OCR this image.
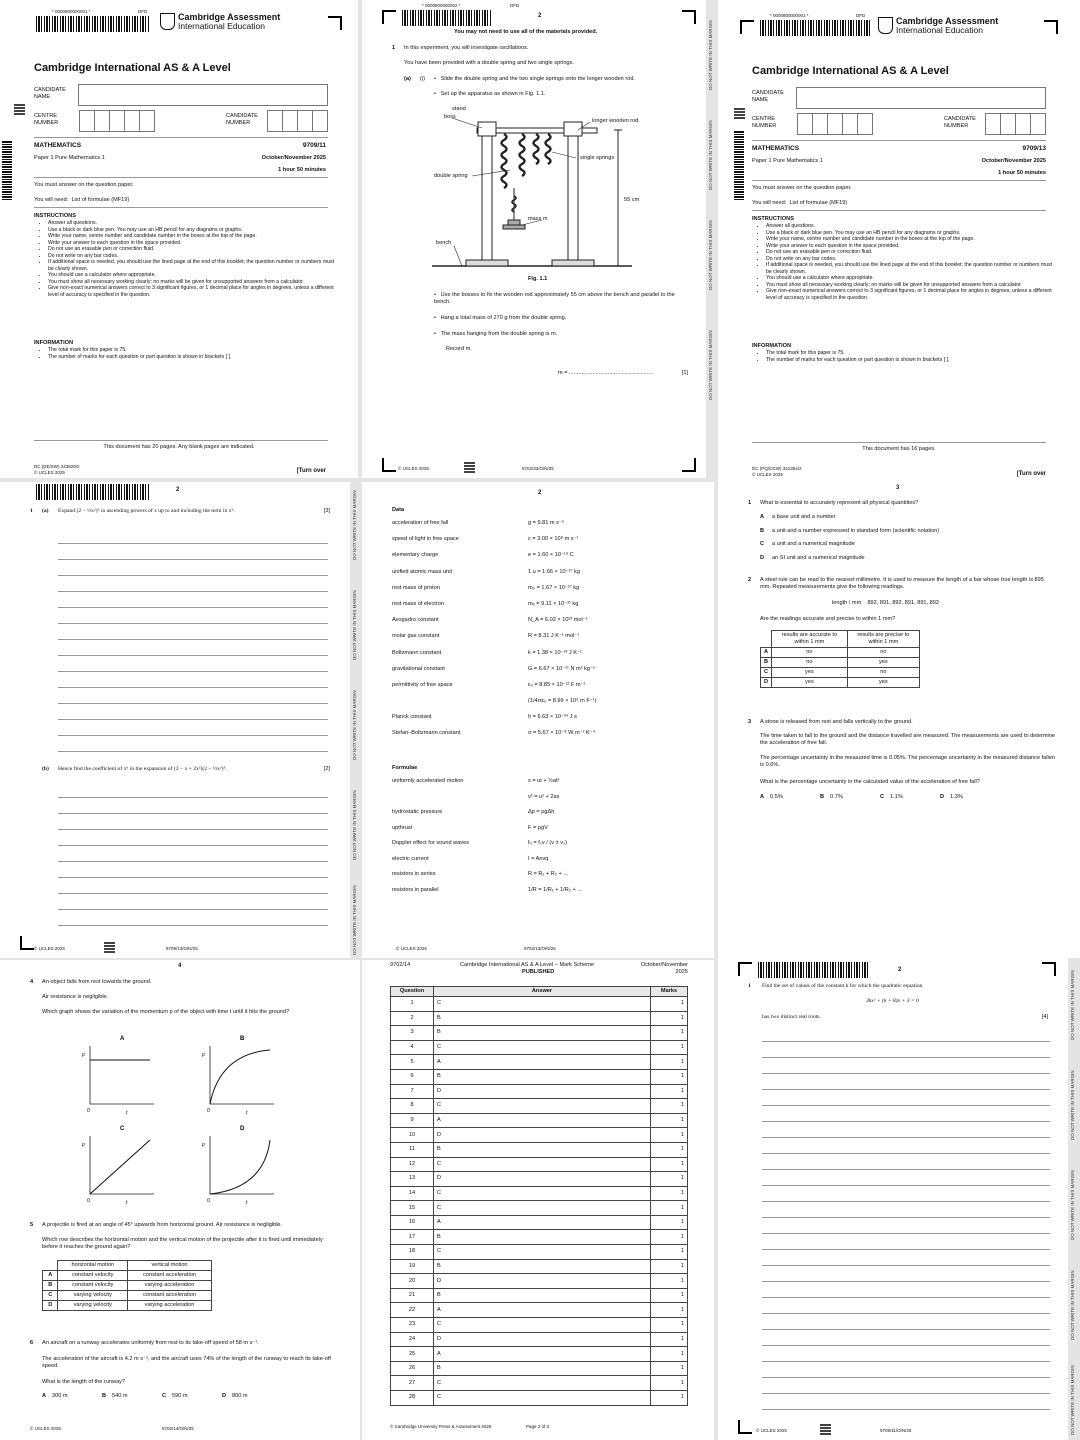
* 0000800000001 *	DFD
Cambridge Assessment
International Education
Cambridge International AS & A Level
CANDIDATE NAME
CENTRE NUMBER
CANDIDATE NUMBER
MATHEMATICS	9709/11
Paper 1 Pure Mathematics 1	October/November 2025
1 hour 50 minutes
You must answer on the question paper.
You will need: List of formulae (MF19)
INSTRUCTIONS
• Answer all questions.
• Use a black or dark blue pen. You may use an HB pencil for any diagrams or graphs.
• Write your name, centre number and candidate number in the boxes at the top of the page.
• Write your answer to each question in the space provided.
• Do not use an erasable pen or correction fluid.
• Do not write on any bar codes.
• If additional space is needed, you should use the lined page at the end of this booklet; the question number or numbers must be clearly shown.
• You should use a calculator where appropriate.
• You must show all necessary working clearly; no marks will be given for unsupported answers from a calculator.
• Give non-exact numerical answers correct to 3 significant figures, or 1 decimal place for angles in degrees, unless a different level of accuracy is specified in the question.
INFORMATION
• The total mark for this paper is 75.
• The number of marks for each question or part question is shown in brackets [ ].
This document has 20 pages. Any blank pages are indicated.
DC (DE/SW) 343829/2
© UCLES 2025	[Turn over
* 0000800000002 *	DFD
2
You may not need to use all of the materials provided.
1 In this experiment, you will investigate oscillations.
You have been provided with a double spring and two single springs.
(a) (i) •   Slide the double spring and the two single springs onto the longer wooden rod.
•   Set up the apparatus as shown in Fig. 1.1.
stand
boss
longer wooden rod
single springs
double spring
55 cm
mass m
bench
Fig. 1.1
•   Use the bosses to fix the wooden rod approximately 55 cm above the bench and parallel to the bench.
•   Hang a total mass of 270 g from the double spring.
•   The mass hanging from the double spring is m.
Record m.
m = ......................................................	[1]
© UCLES 2025	9702/33/O/N/25
DO NOT WRITE IN THIS MARGIN
DO NOT WRITE IN THIS MARGIN
DO NOT WRITE IN THIS MARGIN
DO NOT WRITE IN THIS MARGIN
* 0000800000001 *	DFD
Cambridge Assessment
International Education
Cambridge International AS & A Level
CANDIDATE NAME
CENTRE NUMBER
CANDIDATE NUMBER
MATHEMATICS	9709/13
Paper 1 Pure Mathematics 1	October/November 2025
1 hour 50 minutes
You must answer on the question paper.
You will need: List of formulae (MF19)
INSTRUCTIONS
• Answer all questions.
• Use a black or dark blue pen. You may use an HB pencil for any diagrams or graphs.
• Write your name, centre number and candidate number in the boxes at the top of the page.
• Write your answer to each question in the space provided.
• Do not use an erasable pen or correction fluid.
• Do not write on any bar codes.
• If additional space is needed, you should use the lined page at the end of this booklet; the question number or numbers must be clearly shown.
• You should use a calculator where appropriate.
• You must show all necessary working clearly; no marks will be given for unsupported answers from a calculator.
• Give non-exact numerical answers correct to 3 significant figures, or 1 decimal place for angles in degrees, unless a different level of accuracy is specified in the question.
INFORMATION
• The total mark for this paper is 75.
• The number of marks for each question or part question is shown in brackets [ ].
This document has 16 pages.
DC (PQ/CGW) 341364/2
© UCLES 2025	[Turn over
2
1 (a) Expand (2 − ½x²)⁵ in ascending powers of x up to and including the term in x⁶.	[3]
(b) Hence find the coefficient of x⁶ in the expansion of (3 − x + 2x²)(2 − ½x²)⁵.	[2]
© UCLES 2025	9709/13/O/N/25
DO NOT WRITE IN THIS MARGIN
DO NOT WRITE IN THIS MARGIN
DO NOT WRITE IN THIS MARGIN
DO NOT WRITE IN THIS MARGIN
DO NOT WRITE IN THIS MARGIN
2
Data
acceleration of free fall	g = 9.81 m s⁻²
speed of light in free space	c = 3.00 × 10⁸ m s⁻¹
elementary charge	e = 1.60 × 10⁻¹⁹ C
unified atomic mass unit	1 u = 1.66 × 10⁻²⁷ kg
rest mass of proton	mₚ = 1.67 × 10⁻²⁷ kg
rest mass of electron	mₑ = 9.11 × 10⁻³¹ kg
Avogadro constant	N_A = 6.02 × 10²³ mol⁻¹
molar gas constant	R = 8.31 J K⁻¹ mol⁻¹
Boltzmann constant	k = 1.38 × 10⁻²³ J K⁻¹
gravitational constant	G = 6.67 × 10⁻¹¹ N m² kg⁻²
permittivity of free space	ε₀ = 8.85 × 10⁻¹² F m⁻¹
(1/4πε₀ = 8.99 × 10⁹ m F⁻¹)
Planck constant	h = 6.63 × 10⁻³⁴ J s
Stefan–Boltzmann constant	σ = 5.67 × 10⁻⁸ W m⁻² K⁻⁴
Formulae
uniformly accelerated motion	s = ut + ½at²
v² = u² + 2as
hydrostatic pressure	Δp = ρgΔh
upthrust	F = ρgV
Doppler effect for sound waves	f₀ = fₛv / (v ± vₛ)
electric current	I = Anvq
resistors in series	R = R₁ + R₂ + ...
resistors in parallel	1/R = 1/R₁ + 1/R₂ + ...
© UCLES 2025	9702/13/O/N/25
3
1 What is essential to accurately represent all physical quantities?
A	a base unit and a number
B	a unit and a number expressed in standard form (scientific notation)
C	a unit and a numerical magnitude
D	an SI unit and a numerical magnitude
2 A steel rule can be read to the nearest millimetre. It is used to measure the length of a bar whose true length is 895 mm. Repeated measurements give the following readings.
length / mm    892, 891, 892, 891, 891, 892
Are the readings accurate and precise to within 1 mm?
	results are accurate to within 1 mm	results are precise to within 1 mm
A	no	no
B	no	yes
C	yes	no
D	yes	yes
3 A stone is released from rest and falls vertically to the ground.
The time taken to fall to the ground and the distance travelled are measured. The measurements are used to determine the acceleration of free fall.
The percentage uncertainty in the measured time is 0.05%. The percentage uncertainty in the measured distance fallen is 0.6%.
What is the percentage uncertainty in the calculated value of the acceleration of free fall?
A 0.5%	B 0.7%	C 1.1%	D 1.3%
4
4 An object falls from rest towards the ground.
Air resistance is negligible.
Which graph shows the variation of the momentum p of the object with time t until it hits the ground?
A
p
t
0
B
p
t
0
C
p
t
0
D
p
t
0
5 A projectile is fired at an angle of 45° upwards from horizontal ground. Air resistance is negligible.
Which row describes the horizontal motion and the vertical motion of the projectile after it is fired until immediately before it reaches the ground again?
	horizontal motion	vertical motion
A	constant velocity	constant acceleration
B	constant velocity	varying acceleration
C	varying velocity	constant acceleration
D	varying velocity	varying acceleration
6 An aircraft on a runway accelerates uniformly from rest to its take-off speed of 58 m s⁻¹.
The acceleration of the aircraft is 4.2 m s⁻², and the aircraft uses 74% of the length of the runway to reach its take-off speed.
What is the length of the runway?
A 300 m	B 540 m	C 590 m	D 800 m
© UCLES 2025	9702/14/O/N/25
9702/14	Cambridge International AS & A Level – Mark Scheme
PUBLISHED
October/November 2025
Question	Answer	Marks
1	C	1
2	B	1
3	B	1
4	C	1
5	A	1
6	B	1
7	D	1
8	C	1
9	A	1
10	D	1
11	B	1
12	C	1
13	D	1
14	C	1
15	C	1
16	A	1
17	B	1
18	C	1
19	B	1
20	D	1
21	B	1
22	A	1
23	C	1
24	D	1
25	A	1
26	B	1
27	C	1
28	C	1
© Cambridge University Press & Assessment 2025	Page 2 of 3
2
1 Find the set of values of the constant k for which the quadratic equation
3kx² + (k + 8)x + 3 = 0
has two distinct real roots.	[4]
© UCLES 2025	9709/11/O/N/25
DO NOT WRITE IN THIS MARGIN
DO NOT WRITE IN THIS MARGIN
DO NOT WRITE IN THIS MARGIN
DO NOT WRITE IN THIS MARGIN
DO NOT WRITE IN THIS MARGIN
